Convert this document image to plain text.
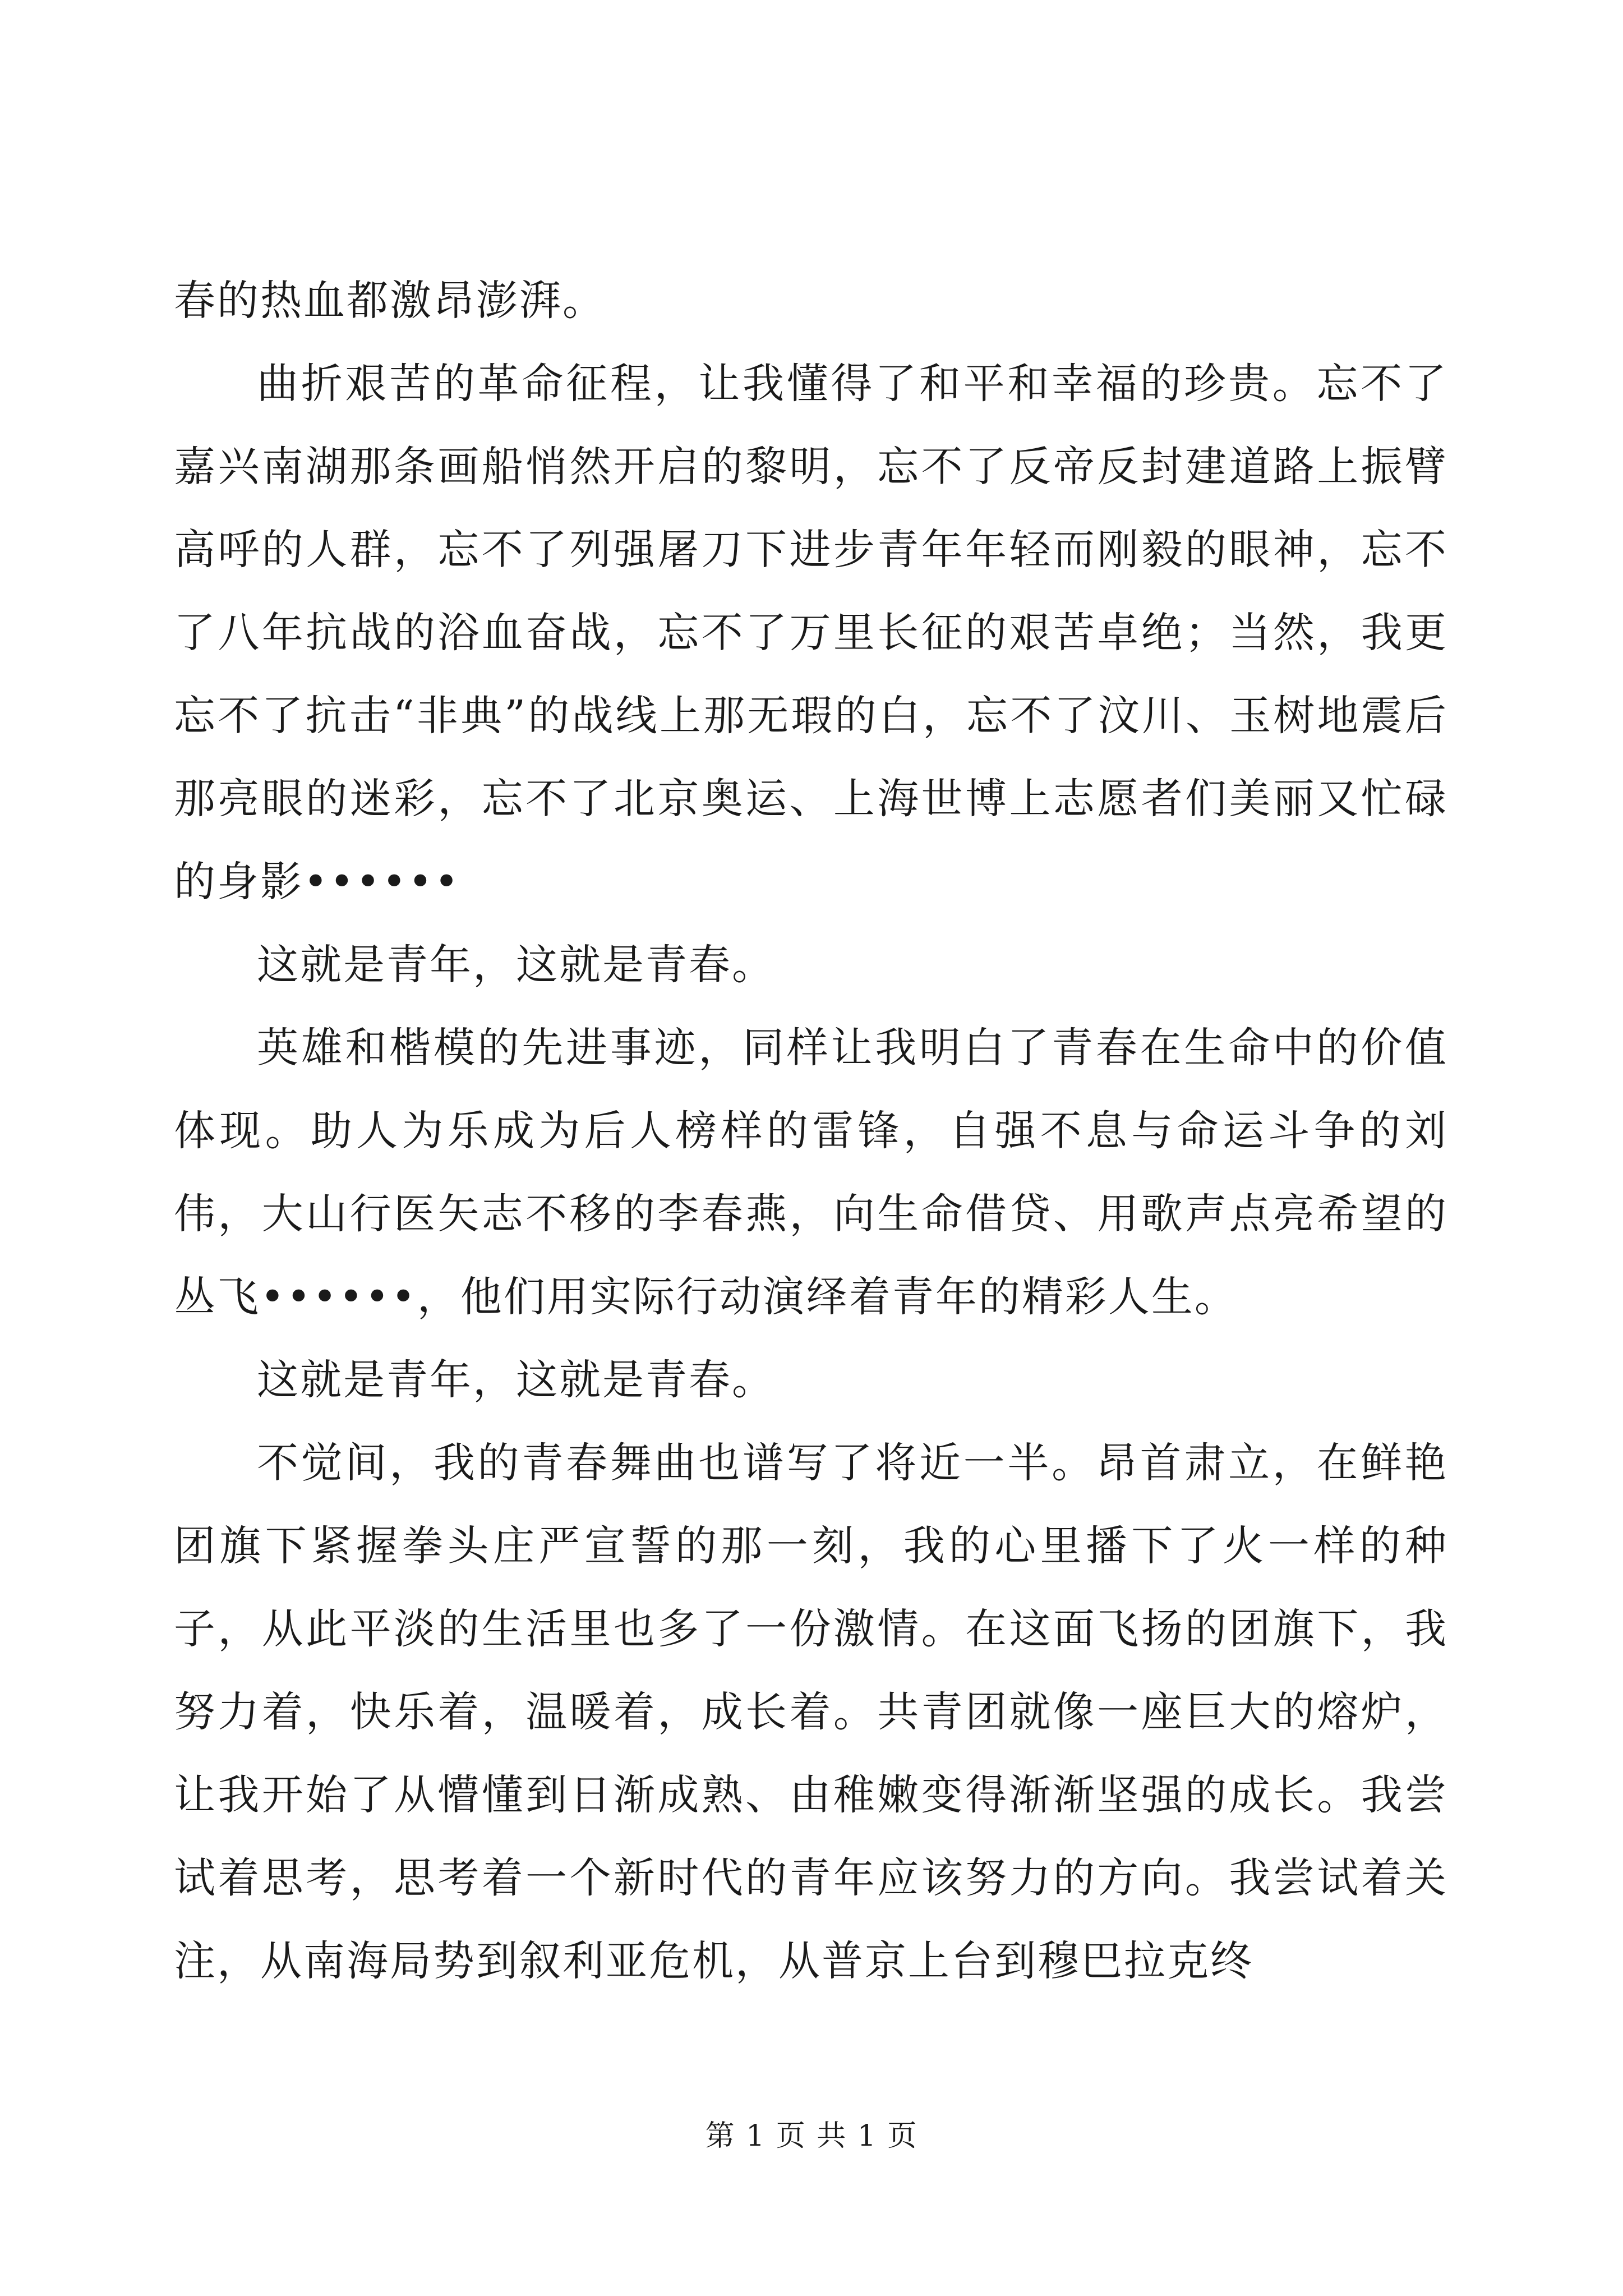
春的热血都激昂澎湃。

曲折艰苦的革命征程，让我懂得了和平和幸福的珍贵。忘不了嘉兴南湖那条画船悄然开启的黎明，忘不了反帝反封建道路上振臂高呼的人群，忘不了列强屠刀下进步青年年轻而刚毅的眼神，忘不了八年抗战的浴血奋战，忘不了万里长征的艰苦卓绝；当然，我更忘不了抗击“非典”的战线上那无瑕的白，忘不了汶川、玉树地震后那亮眼的迷彩，忘不了北京奥运、上海世博上志愿者们美丽又忙碌的身影••••••

这就是青年，这就是青春。

英雄和楷模的先进事迹，同样让我明白了青春在生命中的价值体现。助人为乐成为后人榜样的雷锋，自强不息与命运斗争的刘伟，大山行医矢志不移的李春燕，向生命借贷、用歌声点亮希望的丛飞••••••，他们用实际行动演绎着青年的精彩人生。

这就是青年，这就是青春。

不觉间，我的青春舞曲也谱写了将近一半。昂首肃立，在鲜艳团旗下紧握拳头庄严宣誓的那一刻，我的心里播下了火一样的种子，从此平淡的生活里也多了一份激情。在这面飞扬的团旗下，我努力着，快乐着，温暖着，成长着。共青团就像一座巨大的熔炉，让我开始了从懵懂到日渐成熟、由稚嫩变得渐渐坚强的成长。我尝试着思考，思考着一个新时代的青年应该努力的方向。我尝试着关注，从南海局势到叙利亚危机，从普京上台到穆巴拉克终

第 1 页 共 1 页
